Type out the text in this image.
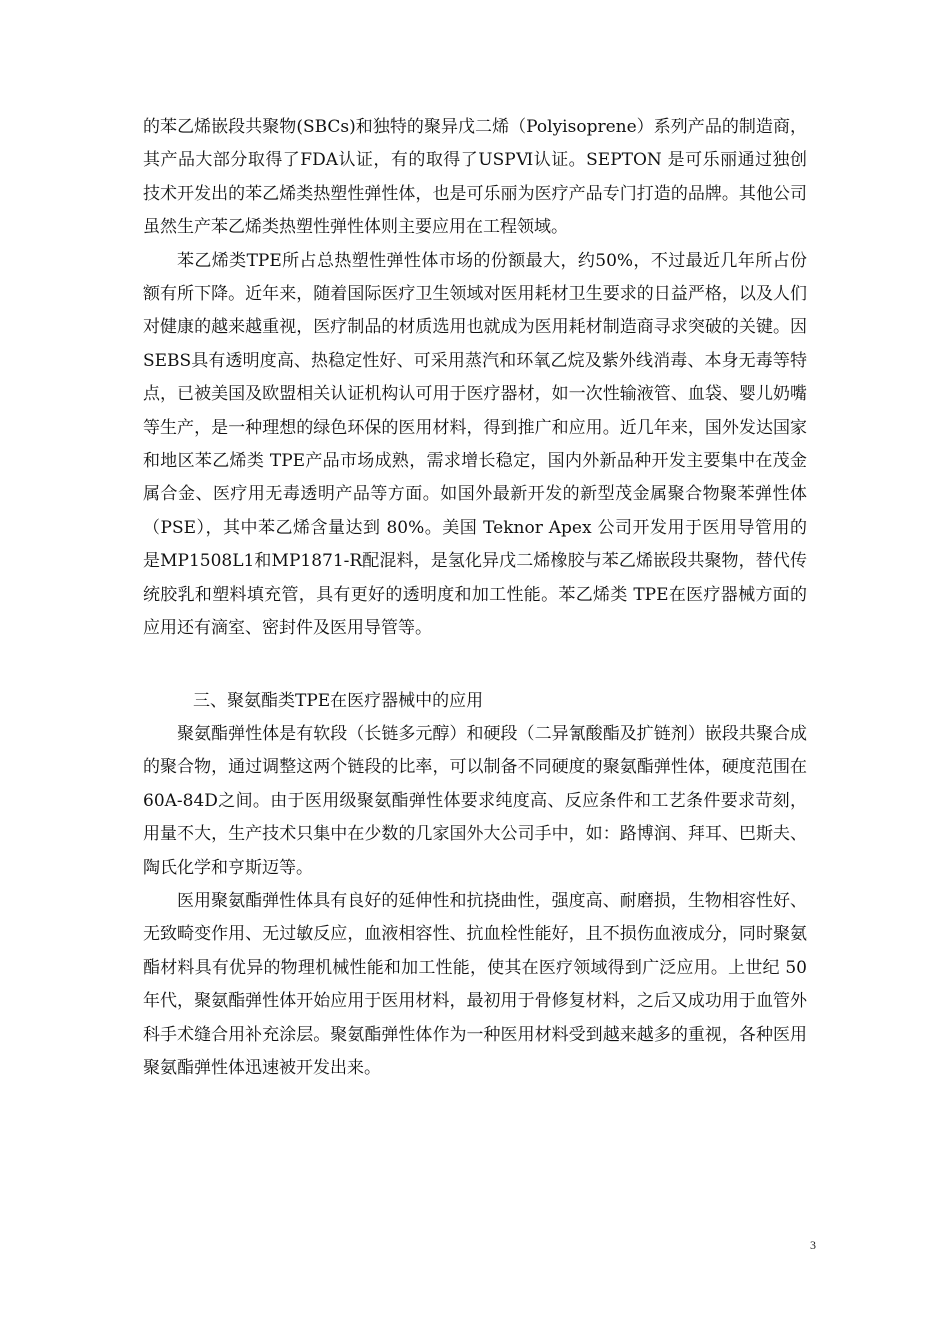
的苯乙烯嵌段共聚物(SBCs)和独特的聚异戊二烯（Polyisoprene）系列产品的制造商，其产品大部分取得了FDA认证，有的取得了USPⅥ认证。SEPTON 是可乐丽通过独创技术开发出的苯乙烯类热塑性弹性体，也是可乐丽为医疗产品专门打造的品牌。其他公司虽然生产苯乙烯类热塑性弹性体则主要应用在工程领域。

苯乙烯类TPE所占总热塑性弹性体市场的份额最大，约50%，不过最近几年所占份额有所下降。近年来，随着国际医疗卫生领域对医用耗材卫生要求的日益严格，以及人们对健康的越来越重视，医疗制品的材质选用也就成为医用耗材制造商寻求突破的关键。因SEBS具有透明度高、热稳定性好、可采用蒸汽和环氧乙烷及紫外线消毒、本身无毒等特点，已被美国及欧盟相关认证机构认可用于医疗器材，如一次性输液管、血袋、婴儿奶嘴等生产，是一种理想的绿色环保的医用材料，得到推广和应用。近几年来，国外发达国家和地区苯乙烯类 TPE产品市场成熟，需求增长稳定，国内外新品种开发主要集中在茂金属合金、医疗用无毒透明产品等方面。如国外最新开发的新型茂金属聚合物聚苯弹性体（PSE），其中苯乙烯含量达到 80%。美国 Teknor Apex 公司开发用于医用导管用的是MP1508L1和MP1871-R配混料，是氢化异戊二烯橡胶与苯乙烯嵌段共聚物，替代传统胶乳和塑料填充管，具有更好的透明度和加工性能。苯乙烯类 TPE在医疗器械方面的应用还有滴室、密封件及医用导管等。

三、聚氨酯类TPE在医疗器械中的应用

聚氨酯弹性体是有软段（长链多元醇）和硬段（二异氰酸酯及扩链剂）嵌段共聚合成的聚合物，通过调整这两个链段的比率，可以制备不同硬度的聚氨酯弹性体，硬度范围在60A-84D之间。由于医用级聚氨酯弹性体要求纯度高、反应条件和工艺条件要求苛刻，用量不大，生产技术只集中在少数的几家国外大公司手中，如：路博润、拜耳、巴斯夫、陶氏化学和亨斯迈等。

医用聚氨酯弹性体具有良好的延伸性和抗挠曲性，强度高、耐磨损，生物相容性好、无致畸变作用、无过敏反应，血液相容性、抗血栓性能好，且不损伤血液成分，同时聚氨酯材料具有优异的物理机械性能和加工性能，使其在医疗领域得到广泛应用。上世纪 50 年代，聚氨酯弹性体开始应用于医用材料，最初用于骨修复材料，之后又成功用于血管外科手术缝合用补充涂层。聚氨酯弹性体作为一种医用材料受到越来越多的重视，各种医用聚氨酯弹性体迅速被开发出来。

3
